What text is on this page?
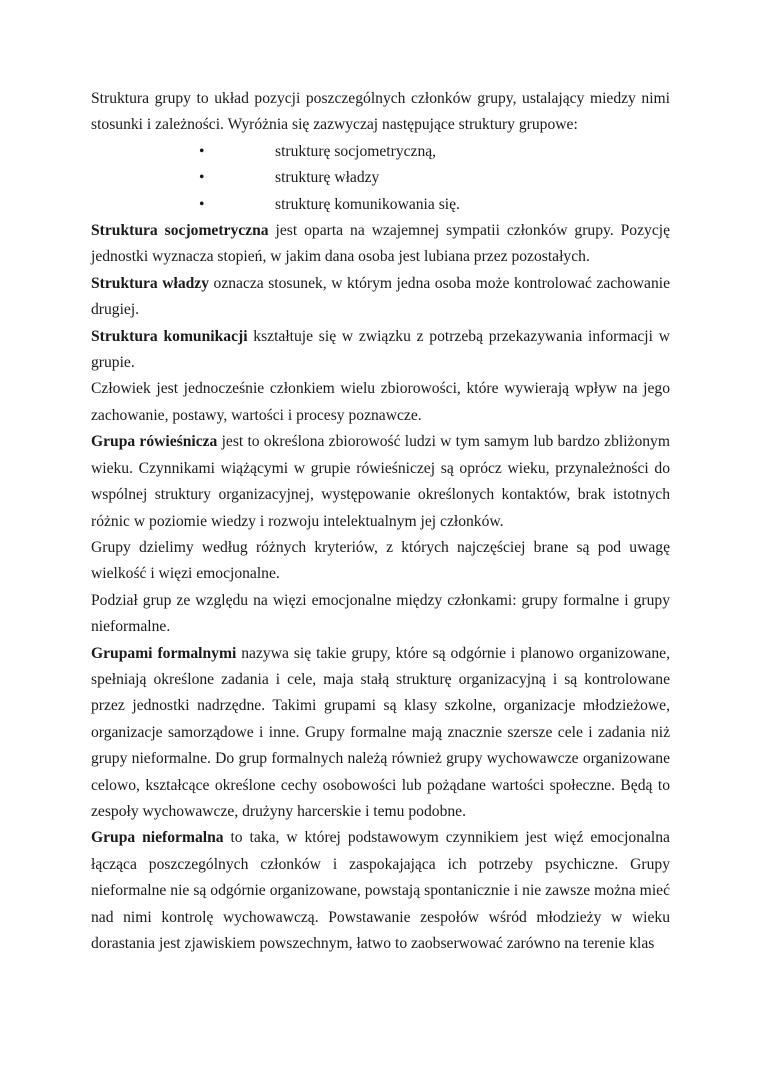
Struktura grupy to układ pozycji poszczególnych członków grupy, ustalający miedzy nimi stosunki i zależności. Wyróżnia się zazwyczaj następujące struktury grupowe:

•	strukturę socjometryczną,
•	strukturę władzy
•	strukturę komunikowania się.

Struktura socjometryczna jest oparta na wzajemnej sympatii członków grupy. Pozycję jednostki wyznacza stopień, w jakim dana osoba jest lubiana przez pozostałych.

Struktura władzy oznacza stosunek, w którym jedna osoba może kontrolować zachowanie drugiej.

Struktura komunikacji kształtuje się w związku z potrzebą przekazywania informacji w grupie.

Człowiek jest jednocześnie członkiem wielu zbiorowości, które wywierają wpływ na jego zachowanie, postawy, wartości i procesy poznawcze.

Grupa rówieśnicza jest to określona zbiorowość ludzi w tym samym lub bardzo zbliżonym wieku. Czynnikami wiążącymi w grupie rówieśniczej są oprócz wieku, przynależności do wspólnej struktury organizacyjnej, występowanie określonych kontaktów, brak istotnych różnic w poziomie wiedzy i rozwoju intelektualnym jej członków.

Grupy dzielimy według różnych kryteriów, z których najczęściej brane są pod uwagę wielkość i więzi emocjonalne.

Podział grup ze względu na więzi emocjonalne między członkami: grupy formalne i grupy nieformalne.

Grupami formalnymi nazywa się takie grupy, które są odgórnie i planowo organizowane, spełniają określone zadania i cele, maja stałą strukturę organizacyjną i są kontrolowane przez jednostki nadrzędne. Takimi grupami są klasy szkolne, organizacje młodzieżowe, organizacje samorządowe i inne. Grupy formalne mają znacznie szersze cele i zadania niż grupy nieformalne. Do grup formalnych należą również grupy wychowawcze organizowane celowo, kształcące określone cechy osobowości lub pożądane wartości społeczne. Będą to zespoły wychowawcze, drużyny harcerskie i temu podobne.

Grupa nieformalna to taka, w której podstawowym czynnikiem jest więź emocjonalna łącząca poszczególnych członków i zaspokajająca ich potrzeby psychiczne. Grupy nieformalne nie są odgórnie organizowane, powstają spontanicznie i nie zawsze można mieć nad nimi kontrolę wychowawczą. Powstawanie zespołów wśród młodzieży w wieku dorastania jest zjawiskiem powszechnym, łatwo to zaobserwować zarówno na terenie klas
